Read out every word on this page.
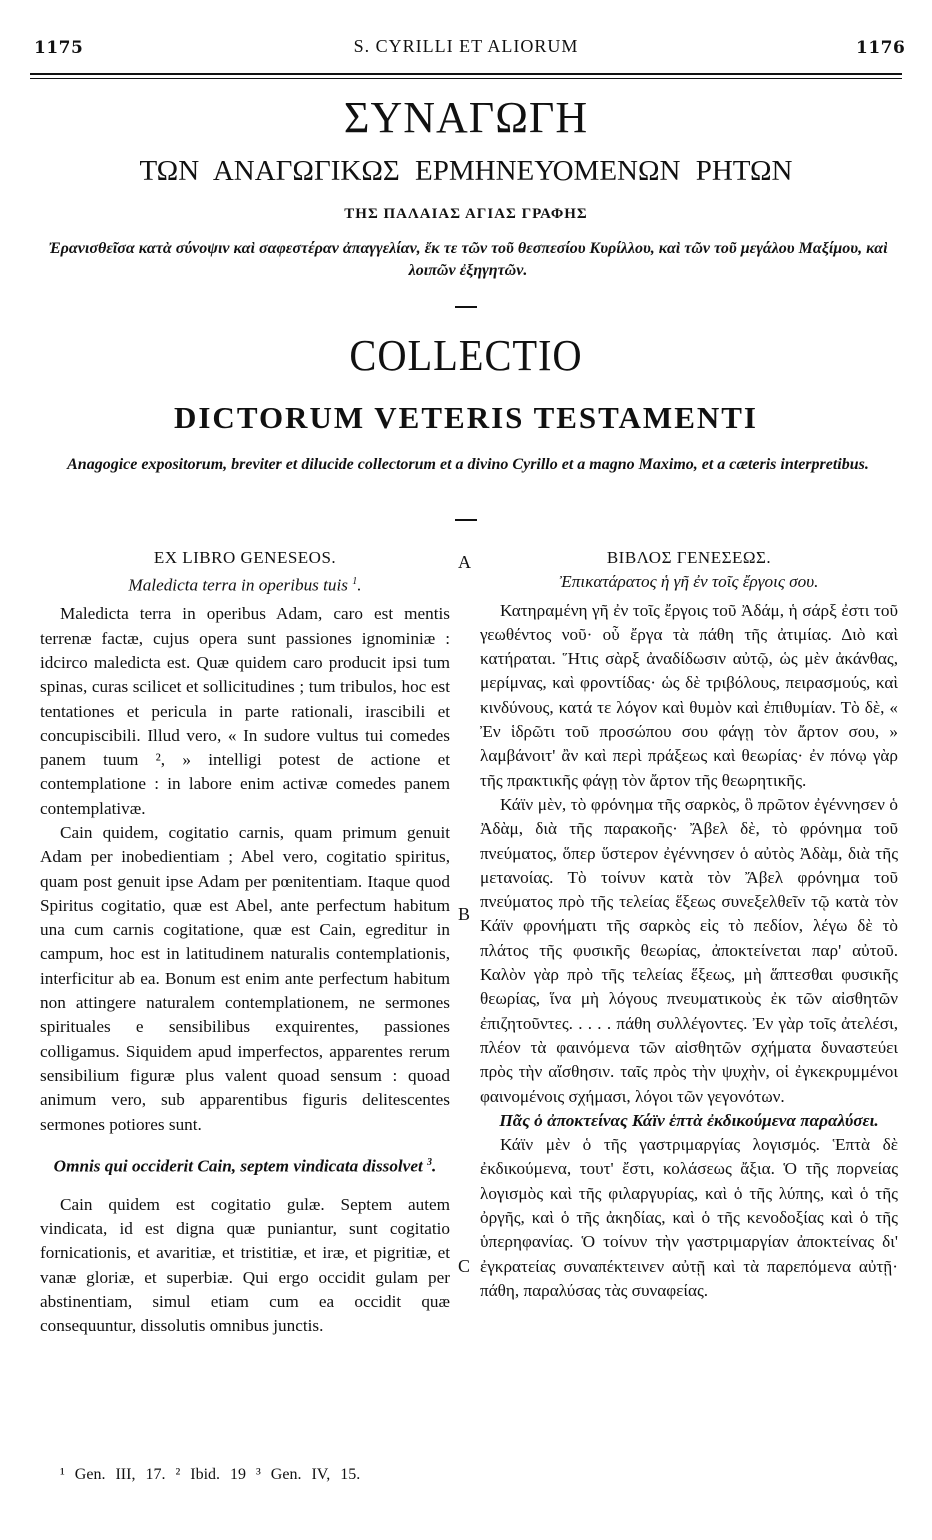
1175	S. CYRILLI ET ALIORUM	1176
ΣΥΝΑΓΩΓΗ
ΤΩΝ ΑΝΑΓΩΓΙΚΩΣ ΕΡΜΗΝΕΥΟΜΕΝΩΝ ΡΗΤΩΝ
ΤΗΣ ΠΑΛΑΙΑΣ ΑΓΙΑΣ ΓΡΑΦΗΣ
Ἐρανισθεῖσα κατὰ σύνοψιν καὶ σαφεστέραν ἀπαγγελίαν, ἔκ τε τῶν τοῦ θεσπεσίου Κυρίλλου, καὶ τῶν τοῦ μεγάλου Μαξίμου, καὶ λοιπῶν ἐξηγητῶν.
COLLECTIO
DICTORUM VETERIS TESTAMENTI
Anagogice expositorum, breviter et dilucide collectorum et a divino Cyrillo et a magno Maximo, et a cæteris interpretibus.
A
B
C

EX LIBRO GENESEOS.

Maledicta terra in operibus tuis $^1$.

Maledicta terra in operibus Adam, caro est mentis terrenæ factæ, cujus opera sunt passiones ignominiæ : idcirco maledicta est. Quæ quidem caro producit ipsi tum spinas, curas scilicet et sollicitudines ; tum tribulos, hoc est tentationes et pericula in parte rationali, irascibili et concupiscibili. Illud vero, « In sudore vultus tui comedes panem tuum ², » intelligi potest de actione et contemplatione : in labore enim activæ comedes panem contemplativæ.

Cain quidem, cogitatio carnis, quam primum genuit Adam per inobedientiam ; Abel vero, cogitatio spiritus, quam post genuit ipse Adam per pœnitentiam. Itaque quod Spiritus cogitatio, quæ est Abel, ante perfectum habitum una cum carnis cogitatione, quæ est Cain, egreditur in campum, hoc est in latitudinem naturalis contemplationis, interficitur ab ea. Bonum est enim ante perfectum habitum non attingere naturalem contemplationem, ne sermones spirituales e sensibilibus exquirentes, passiones colligamus. Siquidem apud imperfectos, apparentes rerum sensibilium figuræ plus valent quoad sensum : quoad animum vero, sub apparentibus figuris delitescentes sermones potiores sunt.

Omnis qui occiderit Cain, septem vindicata dissolvet $^3$.

Cain quidem est cogitatio gulæ. Septem autem vindicata, id est digna quæ puniantur, sunt cogitatio fornicationis, et avaritiæ, et tristitiæ, et iræ, et pigritiæ, et vanæ gloriæ, et superbiæ. Qui ergo occidit gulam per abstinentiam, simul etiam cum ea occidit quæ consequuntur, dissolutis omnibus junctis.

ΒΙΒΛΟΣ ΓΕΝΕΣΕΩΣ.

Ἐπικατάρατος ἡ γῆ ἐν τοῖς ἔργοις σου.

Κατηραμένη γῆ ἐν τοῖς ἔργοις τοῦ Ἀδάμ, ἡ σάρξ ἐστι τοῦ γεωθέντος νοῦ· οὗ ἔργα τὰ πάθη τῆς ἀτιμίας. Διὸ καὶ κατήραται. Ἥτις σὰρξ ἀναδίδωσιν αὐτῷ, ὡς μὲν ἀκάνθας, μερίμνας, καὶ φροντίδας· ὡς δὲ τριβόλους, πειρασμούς, καὶ κινδύνους, κατά τε λόγον καὶ θυμὸν καὶ ἐπιθυμίαν. Τὸ δὲ, « Ἐν ἱδρῶτι τοῦ προσώπου σου φάγῃ τὸν ἄρτον σου, » λαμβάνοιτ' ἂν καὶ περὶ πράξεως καὶ θεωρίας· ἐν πόνῳ γὰρ τῆς πρακτικῆς φάγῃ τὸν ἄρτον τῆς θεωρητικῆς.

Κάϊν μὲν, τὸ φρόνημα τῆς σαρκὸς, ὃ πρῶτον ἐγέννησεν ὁ Ἀδὰμ, διὰ τῆς παρακοῆς· Ἄβελ δὲ, τὸ φρόνημα τοῦ πνεύματος, ὅπερ ὕστερον ἐγέννησεν ὁ αὐτὸς Ἀδὰμ, διὰ τῆς μετανοίας. Τὸ τοίνυν κατὰ τὸν Ἄβελ φρόνημα τοῦ πνεύματος πρὸ τῆς τελείας ἕξεως συνεξελθεῖν τῷ κατὰ τὸν Κάϊν φρονήματι τῆς σαρκὸς εἰς τὸ πεδίον, λέγω δὲ τὸ πλάτος τῆς φυσικῆς θεωρίας, ἀποκτείνεται παρ' αὐτοῦ. Καλὸν γὰρ πρὸ τῆς τελείας ἕξεως, μὴ ἅπτεσθαι φυσικῆς θεωρίας, ἵνα μὴ λόγους πνευματικοὺς ἐκ τῶν αἰσθητῶν ἐπιζητοῦντες. . . . . πάθη συλλέγοντες. Ἐν γὰρ τοῖς ἀτελέσι, πλέον τὰ φαινόμενα τῶν αἰσθητῶν σχήματα δυναστεύει πρὸς τὴν αἴσθησιν. ταῖς πρὸς τὴν ψυχὴν, οἱ ἐγκεκρυμμένοι φαινομένοις σχήμασι, λόγοι τῶν γεγονότων.

Πᾶς ὁ ἀποκτείνας Κάϊν ἑπτὰ ἐκδικούμενα παραλύσει.

Κάϊν μὲν ὁ τῆς γαστριμαργίας λογισμός. Ἑπτὰ δὲ ἐκδικούμενα, τουτ' ἔστι, κολάσεως ἄξια. Ὁ τῆς πορνείας λογισμὸς καὶ τῆς φιλαργυρίας, καὶ ὁ τῆς λύπης, καὶ ὁ τῆς ὀργῆς, καὶ ὁ τῆς ἀκηδίας, καὶ ὁ τῆς κενοδοξίας καὶ ὁ τῆς ὑπερηφανίας. Ὁ τοίνυν τὴν γαστριμαργίαν ἀποκτείνας δι' ἐγκρατείας συναπέκτεινεν αὐτῇ καὶ τὰ παρεπόμενα αὐτῇ· πάθη, παραλύσας τὰς συναφείας.

¹ Gen. III, 17. ² Ibid. 19 ³ Gen. IV, 15.
